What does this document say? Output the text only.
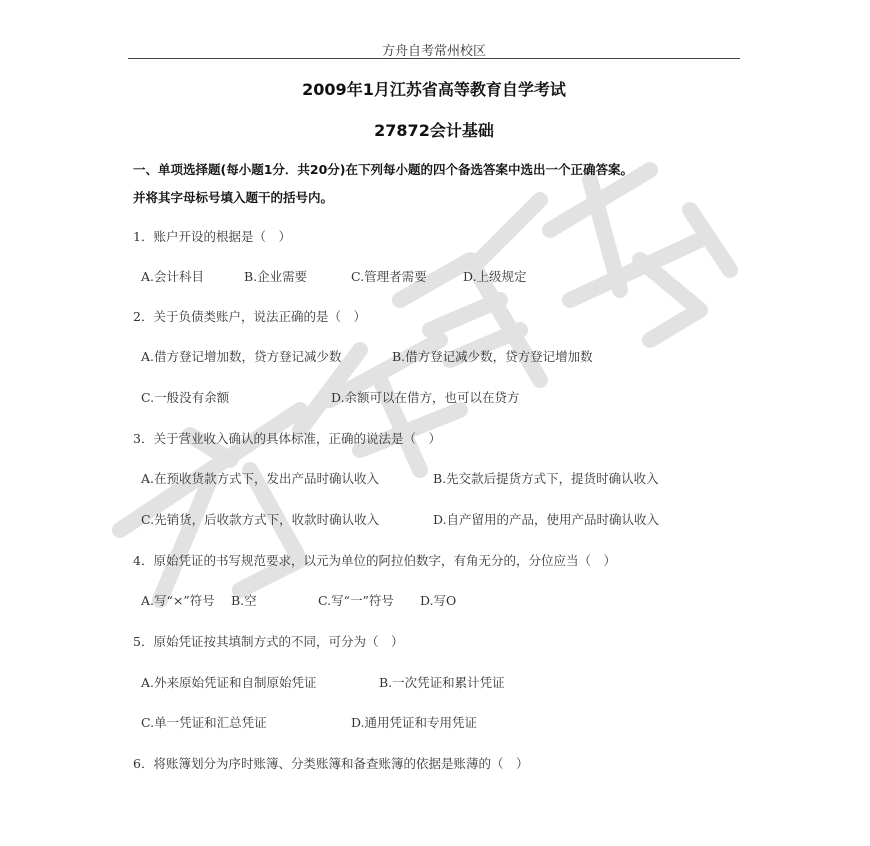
方舟自考常州校区
2009年1月江苏省高等教育自学考试
27872会计基础
一、单项选择题(每小题1分．共20分)在下列每小题的四个备选答案中选出一个正确答案。
并将其字母标号填入题干的括号内。
1．账户开设的根据是（　）
A.会计科目	B.企业需要	C.管理者需要	D.上级规定
2．关于负债类账户，说法正确的是（　）
A.借方登记增加数，贷方登记减少数	B.借方登记减少数，贷方登记增加数
C.一般没有余额	D.余额可以在借方，也可以在贷方
3．关于营业收入确认的具体标准，正确的说法是（　）
A.在预收货款方式下，发出产品时确认收入	B.先交款后提货方式下，提货时确认收入
C.先销货，后收款方式下，收款时确认收入	D.自产留用的产品，使用产品时确认收入
4．原始凭证的书写规范要求，以元为单位的阿拉伯数字，有角无分的，分位应当（　）
A.写“×”符号 B.空	C.写“一”符号 D.写O
5．原始凭证按其填制方式的不同，可分为（　）
A.外来原始凭证和自制原始凭证	B.一次凭证和累计凭证
C.单一凭证和汇总凭证	D.通用凭证和专用凭证
6．将账簿划分为序时账簿、分类账簿和备查账簿的依据是账薄的（　）
